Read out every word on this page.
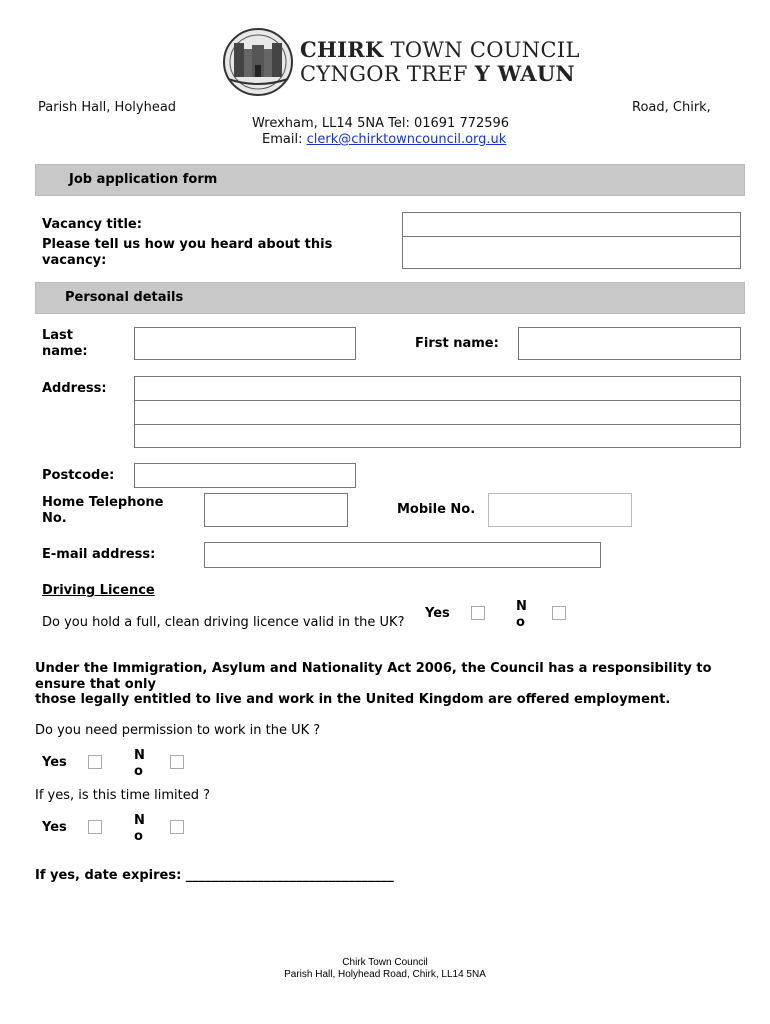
CHIRK TOWN COUNCIL
CYNGOR TREF Y WAUN
Parish Hall, Holyhead	Road, Chirk,
Wrexham, LL14 5NA Tel: 01691 772596
Email: clerk@chirktowncouncil.org.uk
Job application form
Vacancy title:
Please tell us how you heard about this vacancy:
Personal details
Last name:
First name:
Address:
Postcode:
Home Telephone No.
Mobile No.
E-mail address:
Driving Licence
Do you hold a full, clean driving licence valid in the UK?
Yes	N
o
Under the Immigration, Asylum and Nationality Act 2006, the Council has a responsibility to ensure that only
those legally entitled to live and work in the United Kingdom are offered employment.
Do you need permission to work in the UK ?
Yes	N
o
If yes, is this time limited ?
Yes	N
o
If yes, date expires: ________________________________
Chirk Town Council
Parish Hall, Holyhead Road, Chirk, LL14 5NA
